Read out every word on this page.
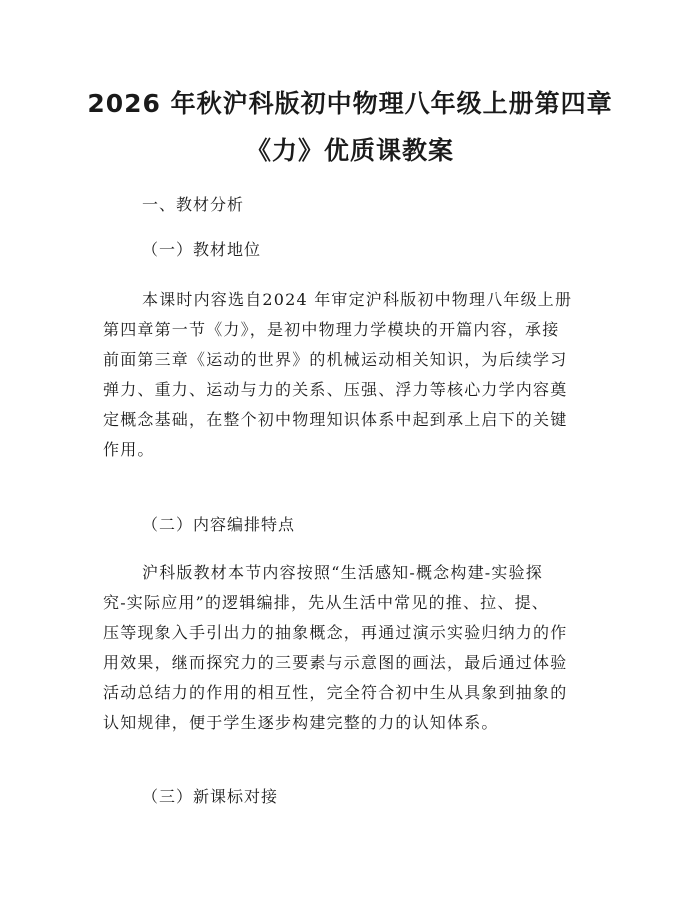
2026 年秋沪科版初中物理八年级上册第四章
《力》优质课教案

一、教材分析

（一）教材地位

本课时内容选自2024 年审定沪科版初中物理八年级上册
第四章第一节《力》，是初中物理力学模块的开篇内容，承接
前面第三章《运动的世界》的机械运动相关知识，为后续学习
弹力、重力、运动与力的关系、压强、浮力等核心力学内容奠
定概念基础，在整个初中物理知识体系中起到承上启下的关键
作用。

（二）内容编排特点

沪科版教材本节内容按照“生活感知-概念构建-实验探
究-实际应用”的逻辑编排，先从生活中常见的推、拉、提、
压等现象入手引出力的抽象概念，再通过演示实验归纳力的作
用效果，继而探究力的三要素与示意图的画法，最后通过体验
活动总结力的作用的相互性，完全符合初中生从具象到抽象的
认知规律，便于学生逐步构建完整的力的认知体系。

（三）新课标对接
